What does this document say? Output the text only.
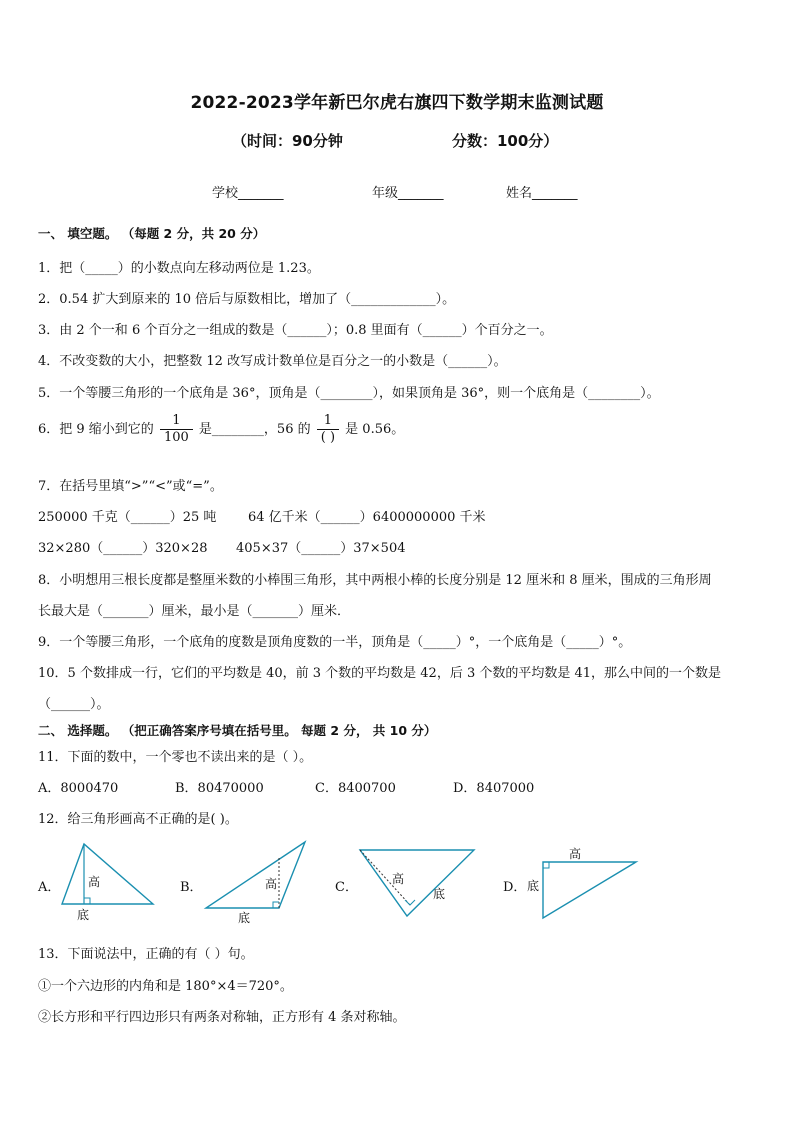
2022-2023学年新巴尔虎右旗四下数学期末监测试题
（时间：90分钟	分数：100分）
学校_______	年级_______	姓名_______
一、 填空题。 （每题 2 分，共 20 分）
1．把（_____）的小数点向左移动两位是 1.23。
2．0.54 扩大到原来的 10 倍后与原数相比，增加了（_____________）。
3．由 2 个一和 6 个百分之一组成的数是（______）；0.8 里面有（______）个百分之一。
4．不改变数的大小，把整数 12 改写成计数单位是百分之一的小数是（______）。
5．一个等腰三角形的一个底角是 36°，顶角是（________），如果顶角是 36°，则一个底角是（________）。
6．把 9 缩小到它的 $\frac{1}{100}$ 是________，56 的 $\frac{1}{( )}$ 是 0.56。
7．在括号里填“>”“<”或“=”。
250000 千克（______）25 吨 64 亿千米（______）6400000000 千米
32×280（______）320×28 405×37（______）37×504
8．小明想用三根长度都是整厘米数的小棒围三角形，其中两根小棒的长度分别是 12 厘米和 8 厘米，围成的三角形周
长最大是（_______）厘米，最小是（_______）厘米．
9．一个等腰三角形，一个底角的度数是顶角度数的一半，顶角是（_____）°，一个底角是（_____）°。
10．5 个数排成一行，它们的平均数是 40，前 3 个数的平均数是 42，后 3 个数的平均数是 41，那么中间的一个数是
（______）。
二、 选择题。 （把正确答案序号填在括号里。 每题 2 分， 共 10 分）
11．下面的数中，一个零也不读出来的是（ ）。
A．8000470	B．80470000	C．8400700	D．8407000
12．给三角形画高不正确的是( )。
A．	B．	C．	D．
高
底
高
底
高
底
高
底
13．下面说法中，正确的有（ ）句。
①一个六边形的内角和是 180°×4＝720°。
②长方形和平行四边形只有两条对称轴，正方形有 4 条对称轴。
